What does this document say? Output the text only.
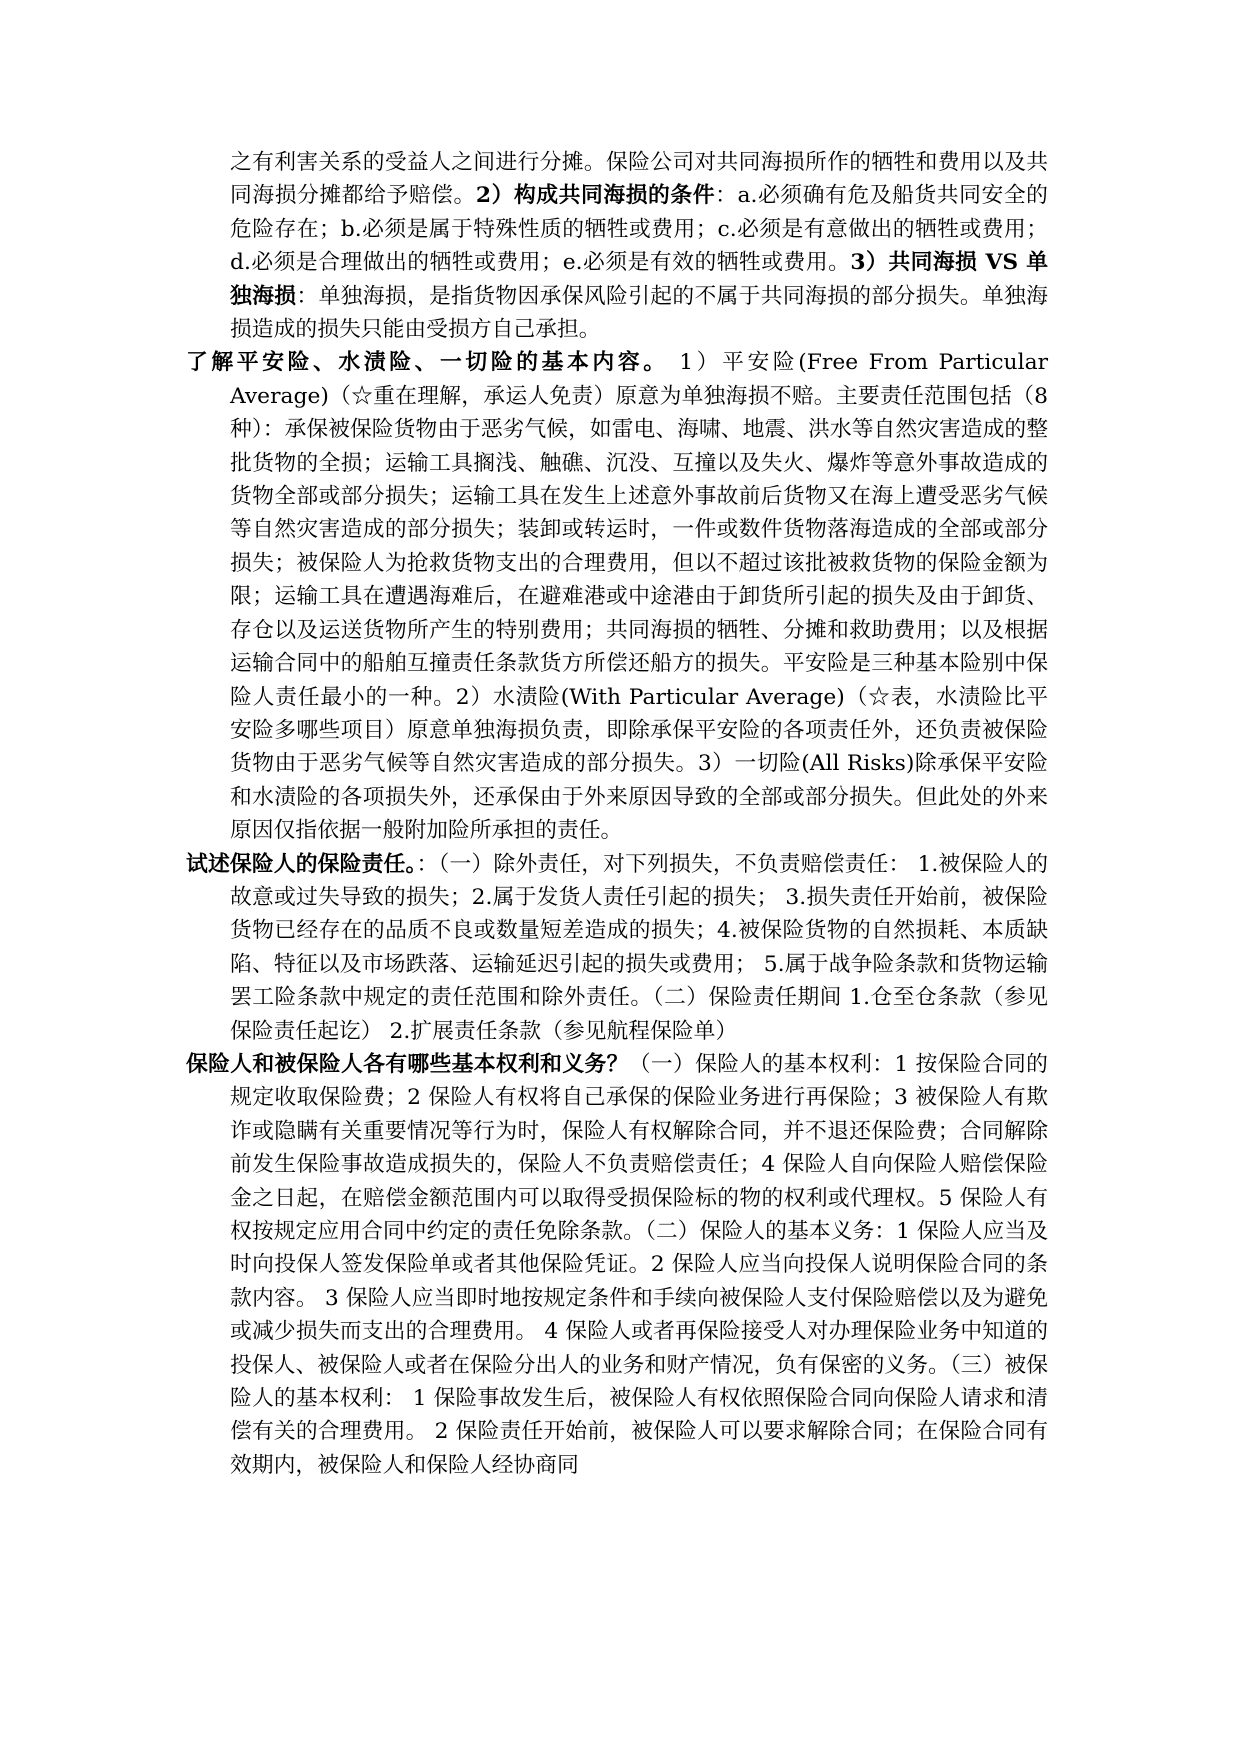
之有利害关系的受益人之间进行分摊。保险公司对共同海损所作的牺牲和费用以及共同海损分摊都给予赔偿。2）构成共同海损的条件：a.必须确有危及船货共同安全的危险存在；b.必须是属于特殊性质的牺牲或费用；c.必须是有意做出的牺牲或费用；d.必须是合理做出的牺牲或费用；e.必须是有效的牺牲或费用。3）共同海损 VS 单独海损：单独海损，是指货物因承保风险引起的不属于共同海损的部分损失。单独海损造成的损失只能由受损方自己承担。

了解平安险、水渍险、一切险的基本内容。 1）平安险(Free From Particular Average)（☆重在理解，承运人免责）原意为单独海损不赔。主要责任范围包括（8 种）：承保被保险货物由于恶劣气候，如雷电、海啸、地震、洪水等自然灾害造成的整批货物的全损；运输工具搁浅、触礁、沉没、互撞以及失火、爆炸等意外事故造成的货物全部或部分损失；运输工具在发生上述意外事故前后货物又在海上遭受恶劣气候等自然灾害造成的部分损失；装卸或转运时，一件或数件货物落海造成的全部或部分损失；被保险人为抢救货物支出的合理费用，但以不超过该批被救货物的保险金额为限；运输工具在遭遇海难后，在避难港或中途港由于卸货所引起的损失及由于卸货、存仓以及运送货物所产生的特别费用；共同海损的牺牲、分摊和救助费用；以及根据运输合同中的船舶互撞责任条款货方所偿还船方的损失。平安险是三种基本险别中保险人责任最小的一种。2）水渍险(With Particular Average)（☆表，水渍险比平安险多哪些项目）原意单独海损负责，即除承保平安险的各项责任外，还负责被保险货物由于恶劣气候等自然灾害造成的部分损失。3）一切险(All Risks)除承保平安险和水渍险的各项损失外，还承保由于外来原因导致的全部或部分损失。但此处的外来原因仅指依据一般附加险所承担的责任。

试述保险人的保险责任。：（一）除外责任，对下列损失，不负责赔偿责任： 1.被保险人的故意或过失导致的损失；2.属于发货人责任引起的损失； 3.损失责任开始前，被保险货物已经存在的品质不良或数量短差造成的损失；4.被保险货物的自然损耗、本质缺陷、特征以及市场跌落、运输延迟引起的损失或费用； 5.属于战争险条款和货物运输罢工险条款中规定的责任范围和除外责任。（二）保险责任期间 1.仓至仓条款（参见保险责任起讫） 2.扩展责任条款（参见航程保险单）

保险人和被保险人各有哪些基本权利和义务？（一）保险人的基本权利：1 按保险合同的规定收取保险费；2 保险人有权将自己承保的保险业务进行再保险；3 被保险人有欺诈或隐瞒有关重要情况等行为时，保险人有权解除合同，并不退还保险费；合同解除前发生保险事故造成损失的，保险人不负责赔偿责任；4 保险人自向保险人赔偿保险金之日起，在赔偿金额范围内可以取得受损保险标的物的权利或代理权。5 保险人有权按规定应用合同中约定的责任免除条款。（二）保险人的基本义务：1 保险人应当及时向投保人签发保险单或者其他保险凭证。2 保险人应当向投保人说明保险合同的条款内容。 3 保险人应当即时地按规定条件和手续向被保险人支付保险赔偿以及为避免或减少损失而支出的合理费用。 4 保险人或者再保险接受人对办理保险业务中知道的投保人、被保险人或者在保险分出人的业务和财产情况，负有保密的义务。（三）被保险人的基本权利： 1 保险事故发生后，被保险人有权依照保险合同向保险人请求和清偿有关的合理费用。 2 保险责任开始前，被保险人可以要求解除合同；在保险合同有效期内，被保险人和保险人经协商同
